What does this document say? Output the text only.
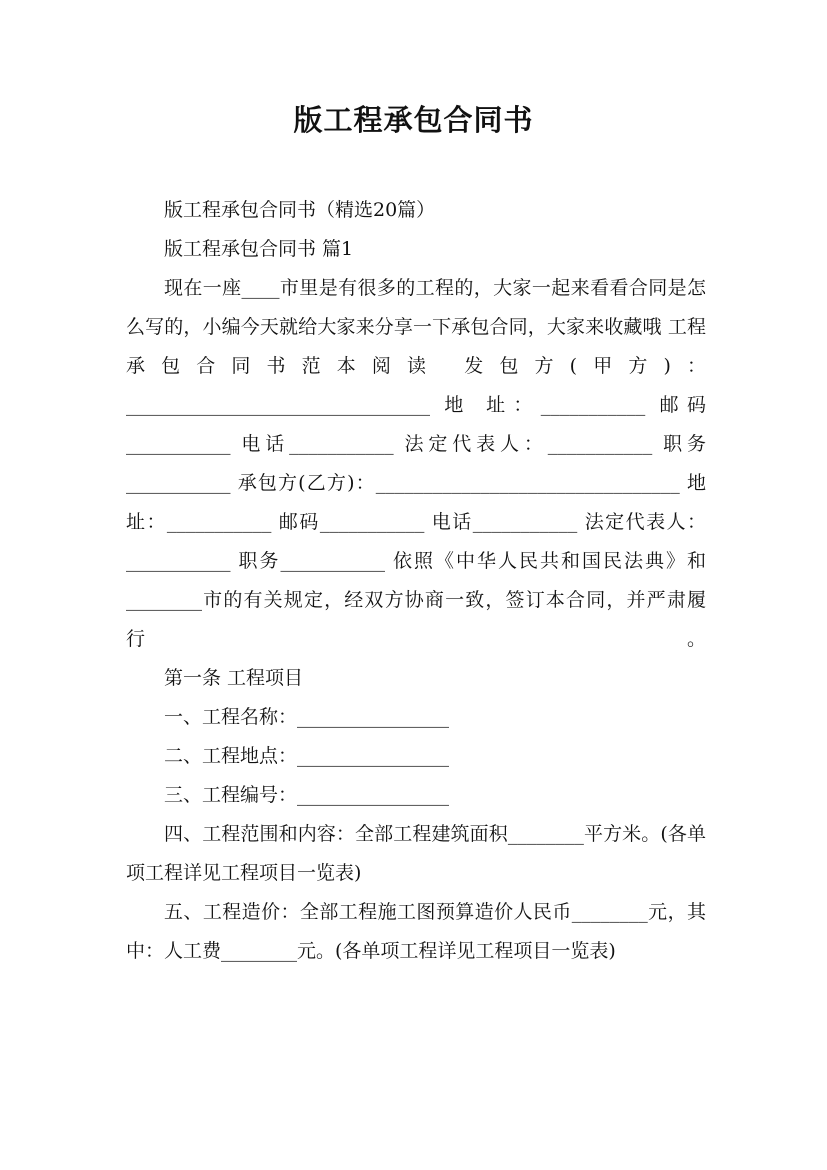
版工程承包合同书

版工程承包合同书（精选20篇）

版工程承包合同书 篇1

现在一座____市里是有很多的工程的，大家一起来看看合同是怎么写的，小编今天就给大家来分享一下承包合同，大家来收藏哦 工程承包合同书范本阅读 发包方(甲方)：________________________________ 地 址：___________ 邮码___________ 电话___________ 法定代表人：___________ 职务___________ 承包方(乙方)：________________________________ 地 址：___________ 邮码___________ 电话___________ 法定代表人：___________ 职务___________ 依照《中华人民共和国民法典》和________市的有关规定，经双方协商一致，签订本合同，并严肃履行。

第一条 工程项目

一、工程名称：________________

二、工程地点：________________

三、工程编号：________________

四、工程范围和内容：全部工程建筑面积________平方米。(各单项工程详见工程项目一览表)

五、工程造价：全部工程施工图预算造价人民币________元，其中：人工费________元。(各单项工程详见工程项目一览表)
